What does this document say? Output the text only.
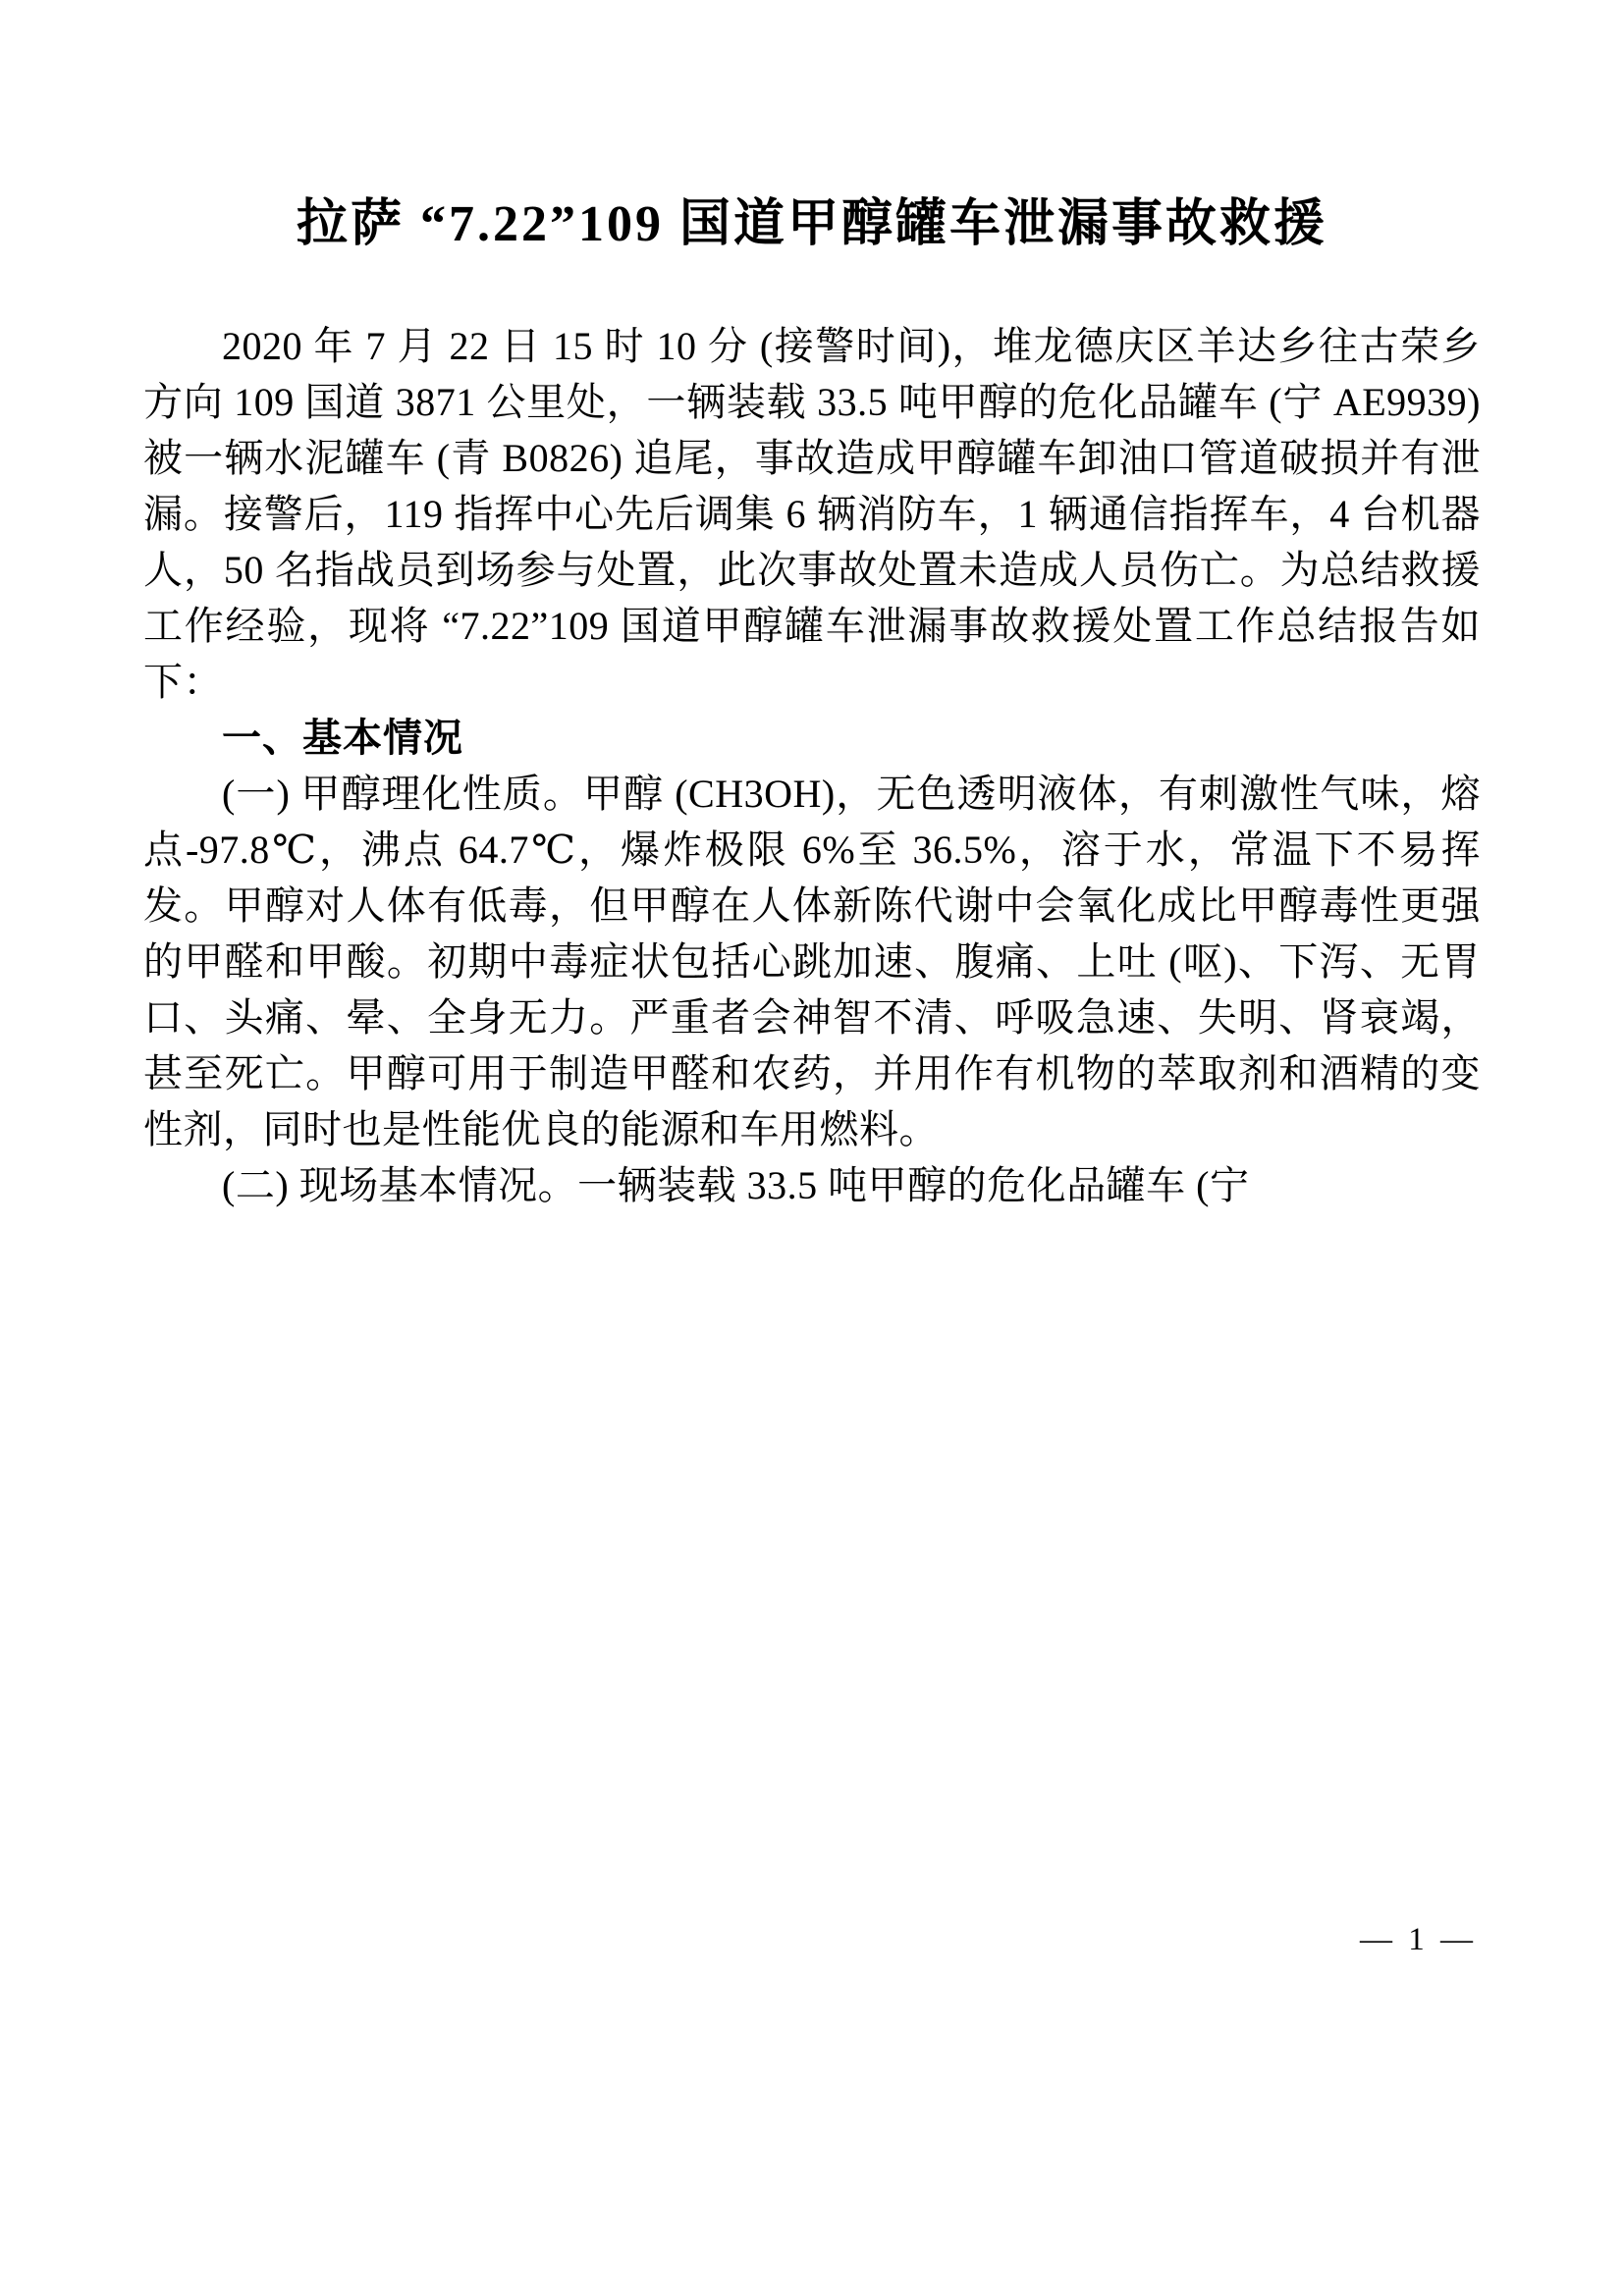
拉萨 “7.22”109 国道甲醇罐车泄漏事故救援

2020 年 7 月 22 日 15 时 10 分 (接警时间)，堆龙德庆区羊达乡往古荣乡方向 109 国道 3871 公里处，一辆装载 33.5 吨甲醇的危化品罐车 (宁 AE9939) 被一辆水泥罐车 (青 B0826) 追尾，事故造成甲醇罐车卸油口管道破损并有泄漏。接警后，119 指挥中心先后调集 6 辆消防车，1 辆通信指挥车，4 台机器人，50 名指战员到场参与处置，此次事故处置未造成人员伤亡。为总结救援工作经验，现将 “7.22”109 国道甲醇罐车泄漏事故救援处置工作总结报告如下：

一、基本情况

(一) 甲醇理化性质。甲醇 (CH3OH)，无色透明液体，有刺激性气味，熔点-97.8℃，沸点 64.7℃，爆炸极限 6%至 36.5%，溶于水，常温下不易挥发。甲醇对人体有低毒，但甲醇在人体新陈代谢中会氧化成比甲醇毒性更强的甲醛和甲酸。初期中毒症状包括心跳加速、腹痛、上吐 (呕)、下泻、无胃口、头痛、晕、全身无力。严重者会神智不清、呼吸急速、失明、肾衰竭，甚至死亡。甲醇可用于制造甲醛和农药，并用作有机物的萃取剂和酒精的变性剂，同时也是性能优良的能源和车用燃料。

(二) 现场基本情况。一辆装载 33.5 吨甲醇的危化品罐车 (宁

— 1 —
